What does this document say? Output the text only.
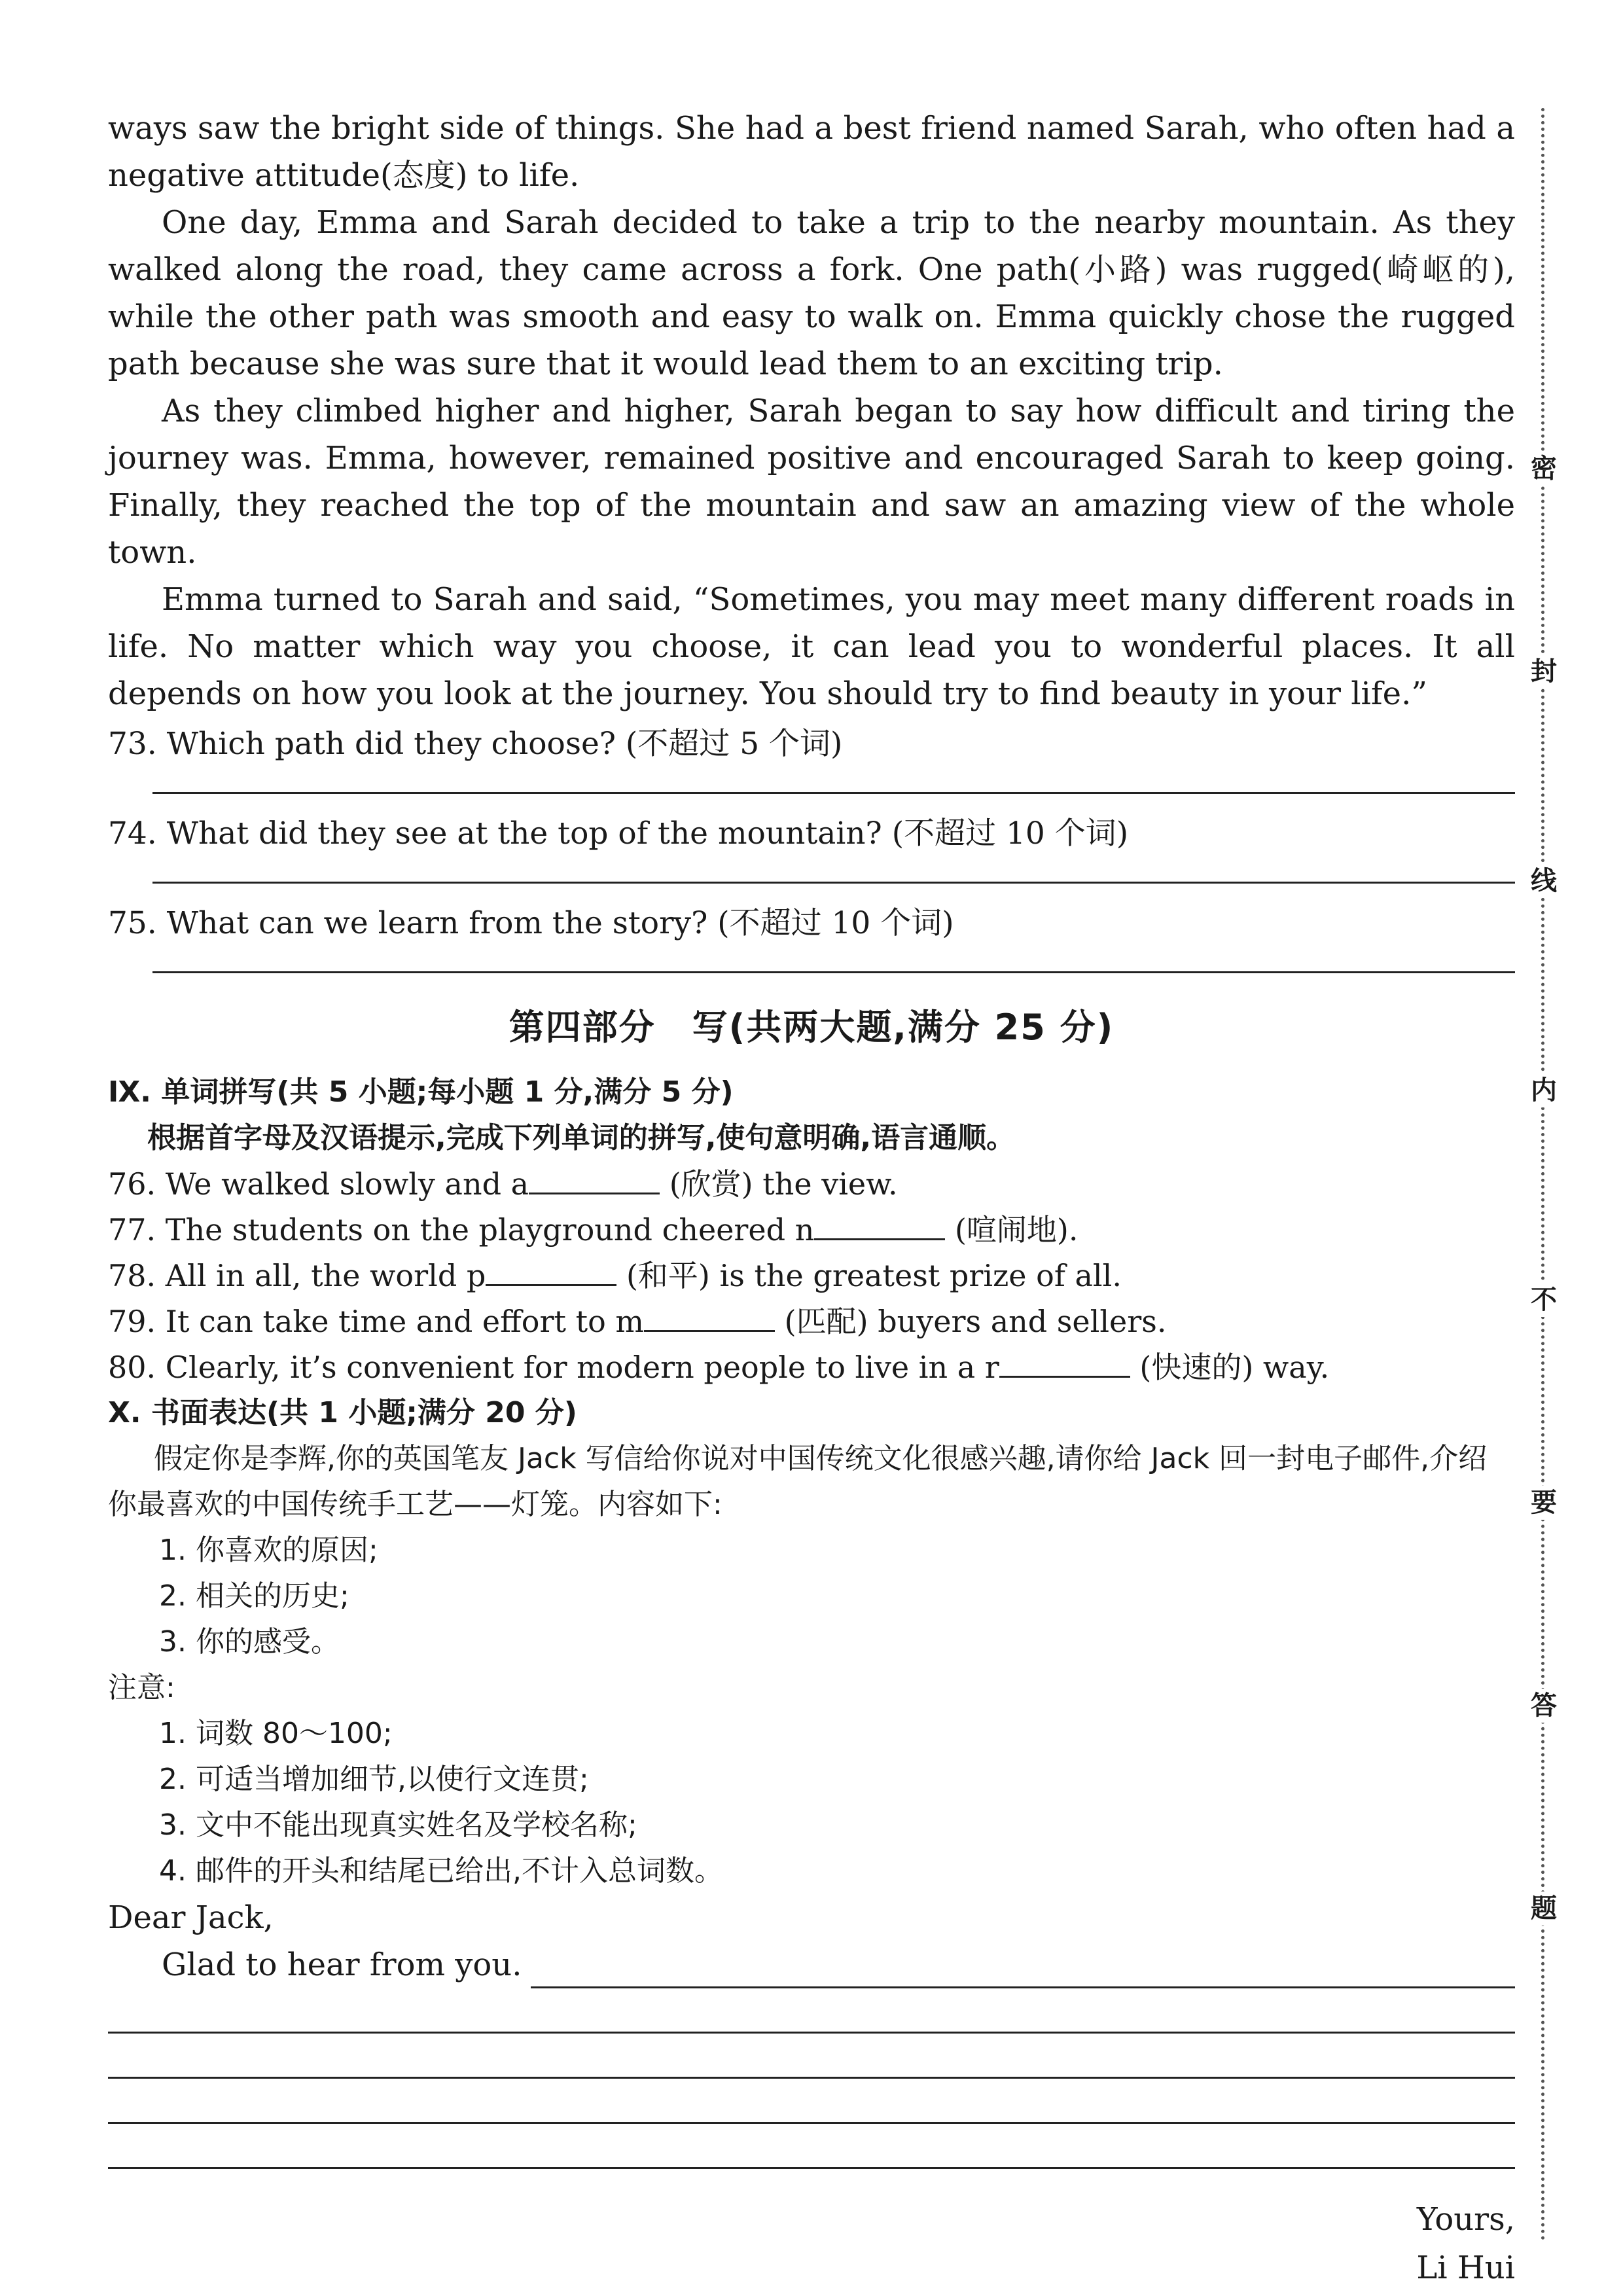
ways saw the bright side of things. She had a best friend named Sarah, who often had a negative attitude(态度) to life.

One day, Emma and Sarah decided to take a trip to the nearby mountain. As they walked along the road, they came across a fork. One path(小路) was rugged(崎岖的), while the other path was smooth and easy to walk on. Emma quickly chose the rugged path because she was sure that it would lead them to an exciting trip.

As they climbed higher and higher, Sarah began to say how difficult and tiring the journey was. Emma, however, remained positive and encouraged Sarah to keep going. Finally, they reached the top of the mountain and saw an amazing view of the whole town.

Emma turned to Sarah and said, “Sometimes, you may meet many different roads in life. No matter which way you choose, it can lead you to wonderful places. It all depends on how you look at the journey. You should try to find beauty in your life.”

73. Which path did they choose? (不超过 5 个词)

74. What did they see at the top of the mountain? (不超过 10 个词)

75. What can we learn from the story? (不超过 10 个词)

第四部分　写(共两大题,满分 25 分)

Ⅸ. 单词拼写(共 5 小题;每小题 1 分,满分 5 分)

根据首字母及汉语提示,完成下列单词的拼写,使句意明确,语言通顺。

76. We walked slowly and a	(欣赏) the view.

77. The students on the playground cheered n	(喧闹地).

78. All in all, the world p	(和平) is the greatest prize of all.

79. It can take time and effort to m	(匹配) buyers and sellers.

80. Clearly, it’s convenient for modern people to live in a r	(快速的) way.

Ⅹ. 书面表达(共 1 小题;满分 20 分)

假定你是李辉,你的英国笔友 Jack 写信给你说对中国传统文化很感兴趣,请你给 Jack 回一封电子邮件,介绍你最喜欢的中国传统手工艺——灯笼。内容如下:

1. 你喜欢的原因;

2. 相关的历史;

3. 你的感受。

注意:

1. 词数 80～100;

2. 可适当增加细节,以使行文连贯;

3. 文中不能出现真实姓名及学校名称;

4. 邮件的开头和结尾已给出,不计入总词数。

Dear Jack,

Glad to hear from you.

Yours,

Li Hui

密
封
线
内
不
要
答
题
